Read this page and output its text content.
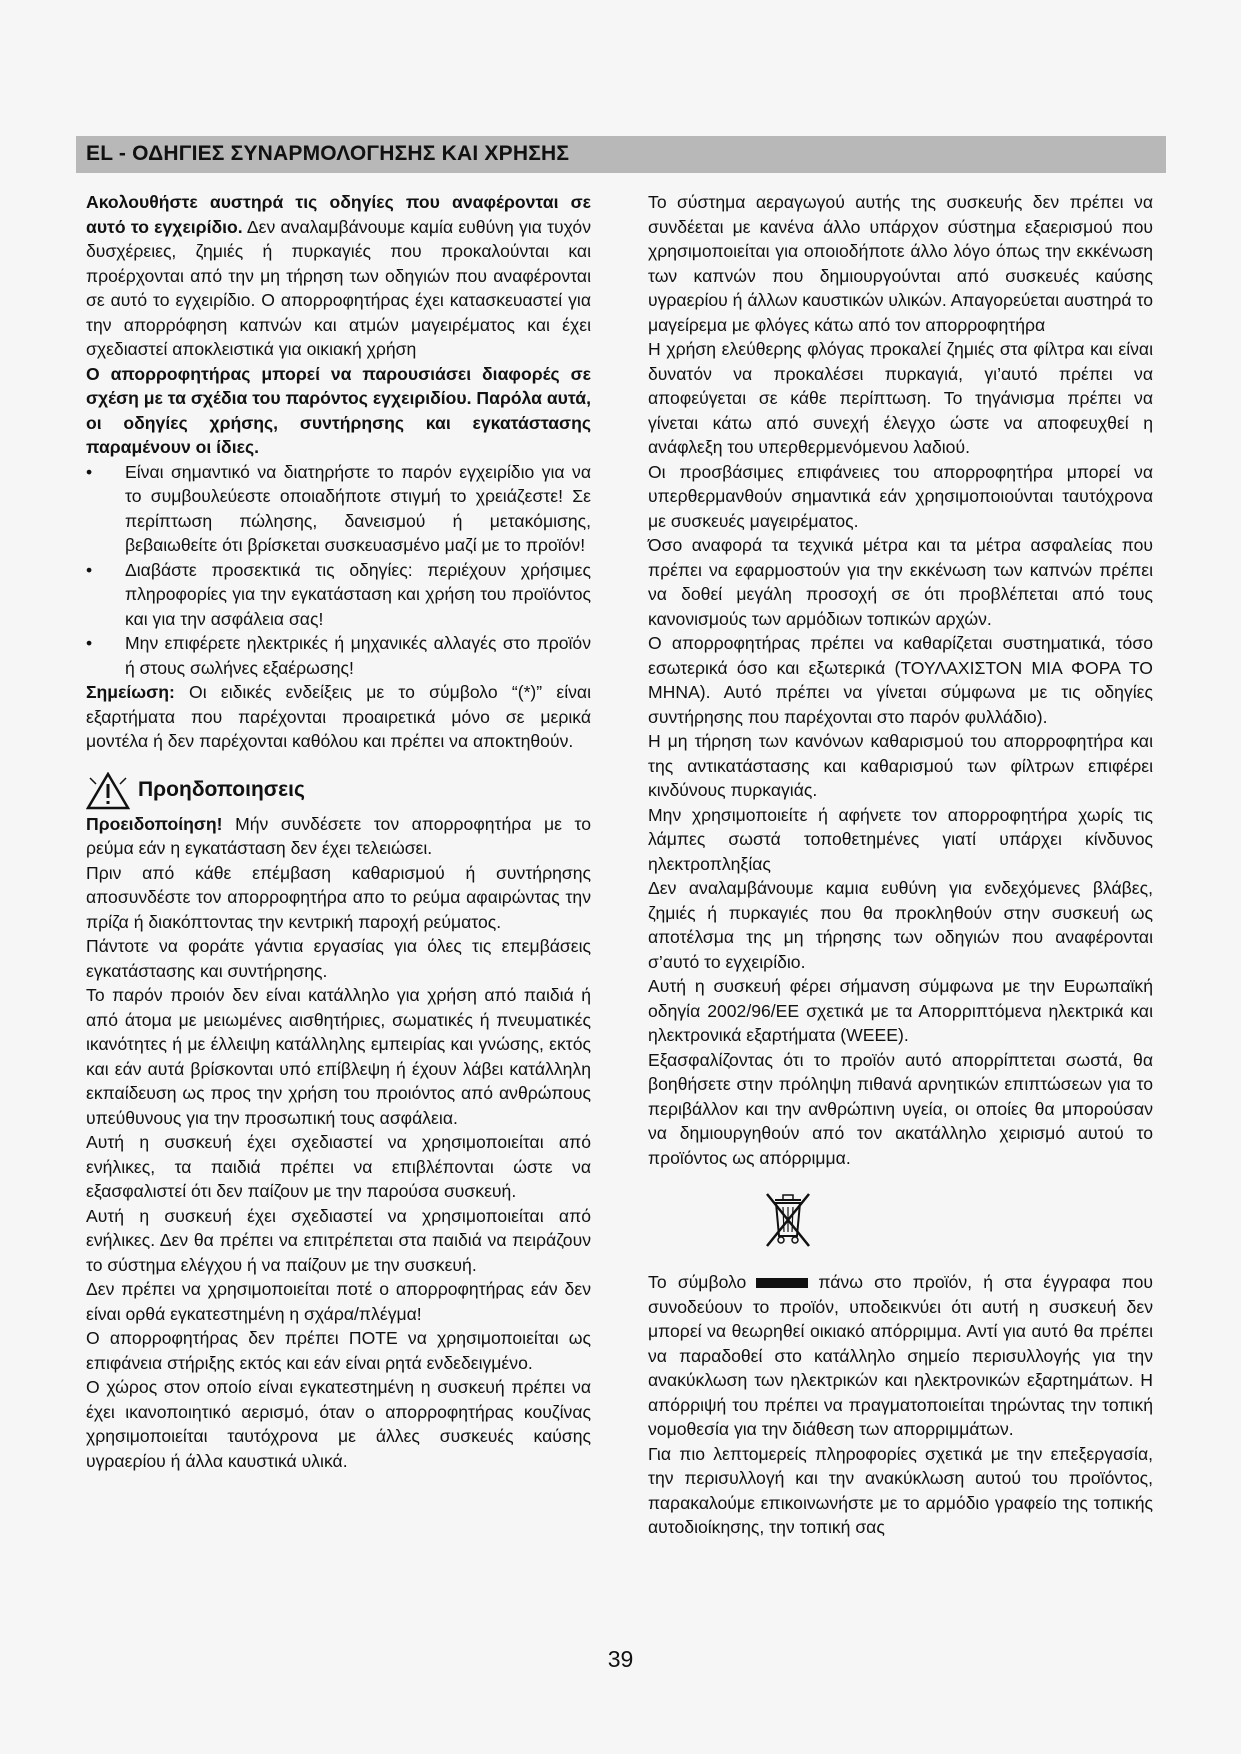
EL - ΟΔΗΓΙΕΣ ΣΥΝΑΡΜΟΛΟΓΗΣΗΣ ΚΑΙ ΧΡΗΣΗΣ

Ακολουθήστε αυστηρά τις οδηγίες που αναφέρονται σε αυτό το εγχειρίδιο. Δεν αναλαμβάνουμε καμία ευθύνη για τυχόν δυσχέρειες, ζημιές ή πυρκαγιές που προκαλούνται και προέρχονται από την μη τήρηση των οδηγιών που αναφέρονται σε αυτό το εγχειρίδιο. Ο απορροφητήρας έχει κατασκευαστεί για την απορρόφηση καπνών και ατμών μαγειρέματος και έχει σχεδιαστεί αποκλειστικά για οικιακή χρήση

Ο απορροφητήρας μπορεί να παρουσιάσει διαφορές σε σχέση με τα σχέδια του παρόντος εγχειριδίου. Παρόλα αυτά, οι οδηγίες χρήσης, συντήρησης και εγκατάστασης παραμένουν οι ίδιες.

• Είναι σημαντικό να διατηρήστε το παρόν εγχειρίδιο για να το συμβουλεύεστε οποιαδήποτε στιγμή το χρειάζεστε! Σε περίπτωση πώλησης, δανεισμού ή μετακόμισης, βεβαιωθείτε ότι βρίσκεται συσκευασμένο μαζί με το προϊόν!
• Διαβάστε προσεκτικά τις οδηγίες: περιέχουν χρήσιμες πληροφορίες για την εγκατάσταση και χρήση του προϊόντος και για την ασφάλεια σας!
• Μην επιφέρετε ηλεκτρικές ή μηχανικές αλλαγές στο προϊόν ή στους σωλήνες εξαέρωσης!

Σημείωση: Οι ειδικές ενδείξεις με το σύμβολο “(*)” είναι εξαρτήματα που παρέχονται προαιρετικά μόνο σε μερικά μοντέλα ή δεν παρέχονται καθόλου και πρέπει να αποκτηθούν.

Προηδοποιησεις

Προειδοποίηση! Μήν συνδέσετε τον απορροφητήρα με το ρεύμα εάν η εγκατάσταση δεν έχει τελειώσει.

Πριν από κάθε επέμβαση καθαρισμού ή συντήρησης αποσυνδέστε τον απορροφητήρα απο το ρεύμα αφαιρώντας την πρίζα ή διακόπτοντας την κεντρική παροχή ρεύματος.

Πάντοτε να φοράτε γάντια εργασίας για όλες τις επεμβάσεις εγκατάστασης και συντήρησης.

Το παρόν προιόν δεν είναι κατάλληλο για χρήση από παιδιά ή από άτομα με μειωμένες αισθητήριες, σωματικές ή πνευματικές ικανότητες ή με έλλειψη κατάλληλης εμπειρίας και γνώσης, εκτός και εάν αυτά βρίσκονται υπό επίβλεψη ή έχουν λάβει κατάλληλη εκπαίδευση ως προς την χρήση του προιόντος από ανθρώπους υπεύθυνους για την προσωπική τους ασφάλεια.

Αυτή η συσκευή έχει σχεδιαστεί να χρησιμοποιείται από ενήλικες, τα παιδιά πρέπει να επιβλέπονται ώστε να εξασφαλιστεί ότι δεν παίζουν με την παρούσα συσκευή.

Αυτή η συσκευή έχει σχεδιαστεί να χρησιμοποιείται από ενήλικες. Δεν θα πρέπει να επιτρέπεται στα παιδιά να πειράζουν το σύστημα ελέγχου ή να παίζουν με την συσκευή.

Δεν πρέπει να χρησιμοποιείται ποτέ ο απορροφητήρας εάν δεν είναι ορθά εγκατεστημένη η σχάρα/πλέγμα!

Ο απορροφητήρας δεν πρέπει ΠΟΤΕ να χρησιμοποιείται ως επιφάνεια στήριξης εκτός και εάν είναι ρητά ενδεδειγμένο.

Ο χώρος στον οποίο είναι εγκατεστημένη η συσκευή πρέπει να έχει ικανοποιητικό αερισμό, όταν ο απορροφητήρας κουζίνας χρησιμοποιείται ταυτόχρονα με άλλες συσκευές καύσης υγραερίου ή άλλα καυστικά υλικά.

Το σύστημα αεραγωγού αυτής της συσκευής δεν πρέπει να συνδέεται με κανένα άλλο υπάρχον σύστημα εξαερισμού που χρησιμοποιείται για οποιοδήποτε άλλο λόγο όπως την εκκένωση των καπνών που δημιουργούνται από συσκευές καύσης υγραερίου ή άλλων καυστικών υλικών. Απαγορεύεται αυστηρά το μαγείρεμα με φλόγες κάτω από τον απορροφητήρα

Η χρήση ελεύθερης φλόγας προκαλεί ζημιές στα φίλτρα και είναι δυνατόν να προκαλέσει πυρκαγιά, γι’αυτό πρέπει να αποφεύγεται σε κάθε περίπτωση. Το τηγάνισμα πρέπει να γίνεται κάτω από συνεχή έλεγχο ώστε να αποφευχθεί η ανάφλεξη του υπερθερμενόμενου λαδιού.

Οι προσβάσιμες επιφάνειες του απορροφητήρα μπορεί να υπερθερμανθούν σημαντικά εάν χρησιμοποιούνται ταυτόχρονα με συσκευές μαγειρέματος.

Όσο αναφορά τα τεχνικά μέτρα και τα μέτρα ασφαλείας που πρέπει να εφαρμοστούν για την εκκένωση των καπνών πρέπει να δοθεί μεγάλη προσοχή σε ότι προβλέπεται από τους κανονισμούς των αρμόδιων τοπικών αρχών.

Ο απορροφητήρας πρέπει να καθαρίζεται συστηματικά, τόσο εσωτερικά όσο και εξωτερικά (ΤΟΥΛΑΧΙΣΤΟΝ ΜΙΑ ΦΟΡΑ ΤΟ ΜΗΝΑ). Αυτό πρέπει να γίνεται σύμφωνα με τις οδηγίες συντήρησης που παρέχονται στο παρόν φυλλάδιο).

Η μη τήρηση των κανόνων καθαρισμού του απορροφητήρα και της αντικατάστασης και καθαρισμού των φίλτρων επιφέρει κινδύνους πυρκαγιάς.

Μην χρησιμοποιείτε ή αφήνετε τον απορροφητήρα χωρίς τις λάμπες σωστά τοποθετημένες γιατί υπάρχει κίνδυνος ηλεκτροπληξίας

Δεν αναλαμβάνουμε καμια ευθύνη για ενδεχόμενες βλάβες, ζημιές ή πυρκαγιές που θα προκληθούν στην συσκευή ως αποτέλσμα της μη τήρησης των οδηγιών που αναφέρονται σ’αυτό το εγχειρίδιο.

Αυτή η συσκευή φέρει σήμανση σύμφωνα με την Ευρωπαϊκή οδηγία 2002/96/ΕΕ σχετικά με τα Απορριπτόμενα ηλεκτρικά και ηλεκτρονικά εξαρτήματα (WEEE).

Εξασφαλίζοντας ότι το προϊόν αυτό απορρίπτεται σωστά, θα βοηθήσετε στην πρόληψη πιθανά αρνητικών επιπτώσεων για το περιβάλλον και την ανθρώπινη υγεία, οι οποίες θα μπορούσαν να δημιουργηθούν από τον ακατάλληλο χειρισμό αυτού το προϊόντος ως απόρριμμα.

Το σύμβολο	πάνω στο προϊόν, ή στα έγγραφα που συνοδεύουν το προϊόν, υποδεικνύει ότι αυτή η συσκευή δεν μπορεί να θεωρηθεί οικιακό απόρριμμα. Αντί για αυτό θα πρέπει να παραδοθεί στο κατάλληλο σημείο περισυλλογής για την ανακύκλωση των ηλεκτρικών και ηλεκτρονικών εξαρτημάτων. Η απόρριψή του πρέπει να πραγματοποιείται τηρώντας την τοπική νομοθεσία για την διάθεση των απορριμμάτων.

Για πιο λεπτομερείς πληροφορίες σχετικά με την επεξεργασία, την περισυλλογή και την ανακύκλωση αυτού του προϊόντος, παρακαλούμε επικοινωνήστε με το αρμόδιο γραφείο της τοπικής αυτοδιοίκησης, την τοπική σας

39
